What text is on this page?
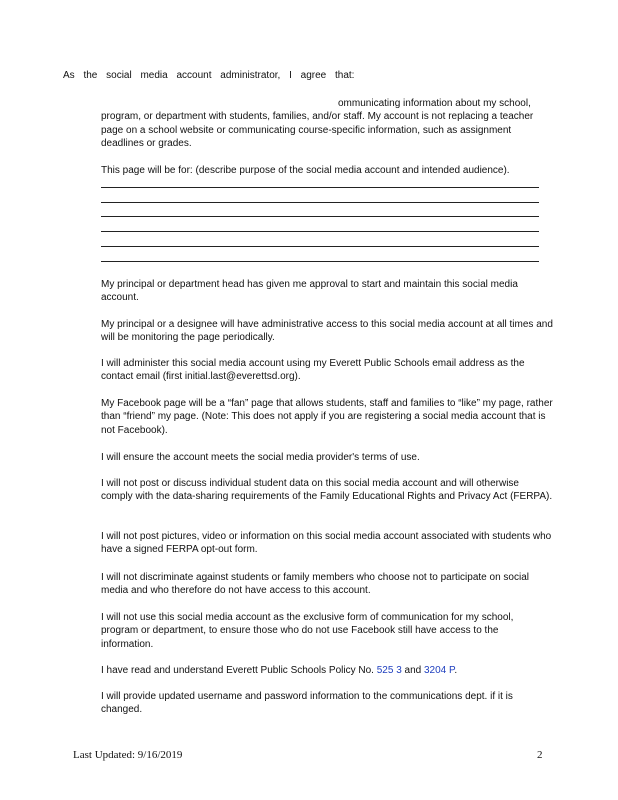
As the social media account administrator, I agree that:
ommunicating information about my school, program, or department with students, families, and/or staff. My account is not replacing a teacher page on a school website or communicating course-specific information, such as assignment deadlines or grades.
This page will be for: (describe purpose of the social media account and intended audience).
My principal or department head has given me approval to start and maintain this social media account.
My principal or a designee will have administrative access to this social media account at all times and will be monitoring the page periodically.
I will administer this social media account using my Everett Public Schools email address as the contact email (first initial.last@everettsd.org).
My Facebook page will be a “fan” page that allows students, staff and families to “like” my page, rather than “friend” my page. (Note: This does not apply if you are registering a social media account that is not Facebook).
I will ensure the account meets the social media provider's terms of use.
I will not post or discuss individual student data on this social media account and will otherwise comply with the data-sharing requirements of the Family Educational Rights and Privacy Act (FERPA).
I will not post pictures, video or information on this social media account associated with students who have a signed FERPA opt-out form.
I will not discriminate against students or family members who choose not to participate on social media and who therefore do not have access to this account.
I will not use this social media account as the exclusive form of communication for my school, program or department, to ensure those who do not use Facebook still have access to the information.
I have read and understand Everett Public Schools Policy No. 525 3 and 3204 P.
I will provide updated username and password information to the communications dept. if it is changed.
Last Updated: 9/16/2019	2
